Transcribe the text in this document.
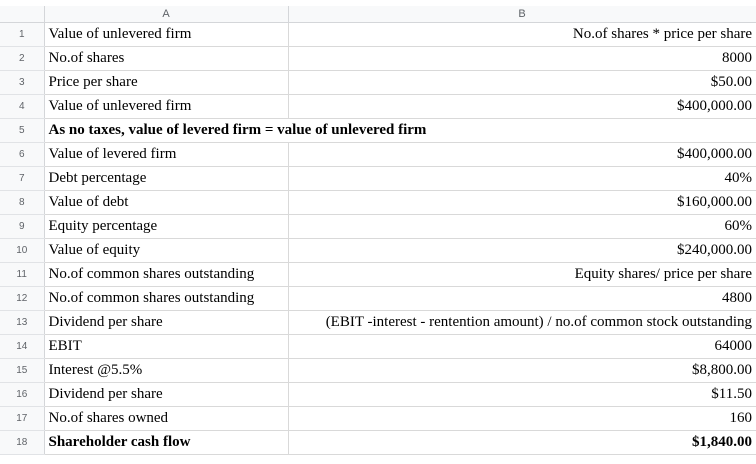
	A	B
1	Value of unlevered firm	No.of shares * price per share
2	No.of shares	8000
3	Price per share	$50.00
4	Value of unlevered firm	$400,000.00
5	As no taxes, value of levered firm = value of unlevered firm	
6	Value of levered firm	$400,000.00
7	Debt percentage	40%
8	Value of debt	$160,000.00
9	Equity percentage	60%
10	Value of equity	$240,000.00
11	No.of common shares outstanding	Equity shares/ price per share
12	No.of common shares outstanding	4800
13	Dividend per share	(EBIT -interest - rentention amount) / no.of common stock outstanding
14	EBIT	64000
15	Interest @5.5%	$8,800.00
16	Dividend per share	$11.50
17	No.of shares owned	160
18	Shareholder cash flow	$1,840.00
